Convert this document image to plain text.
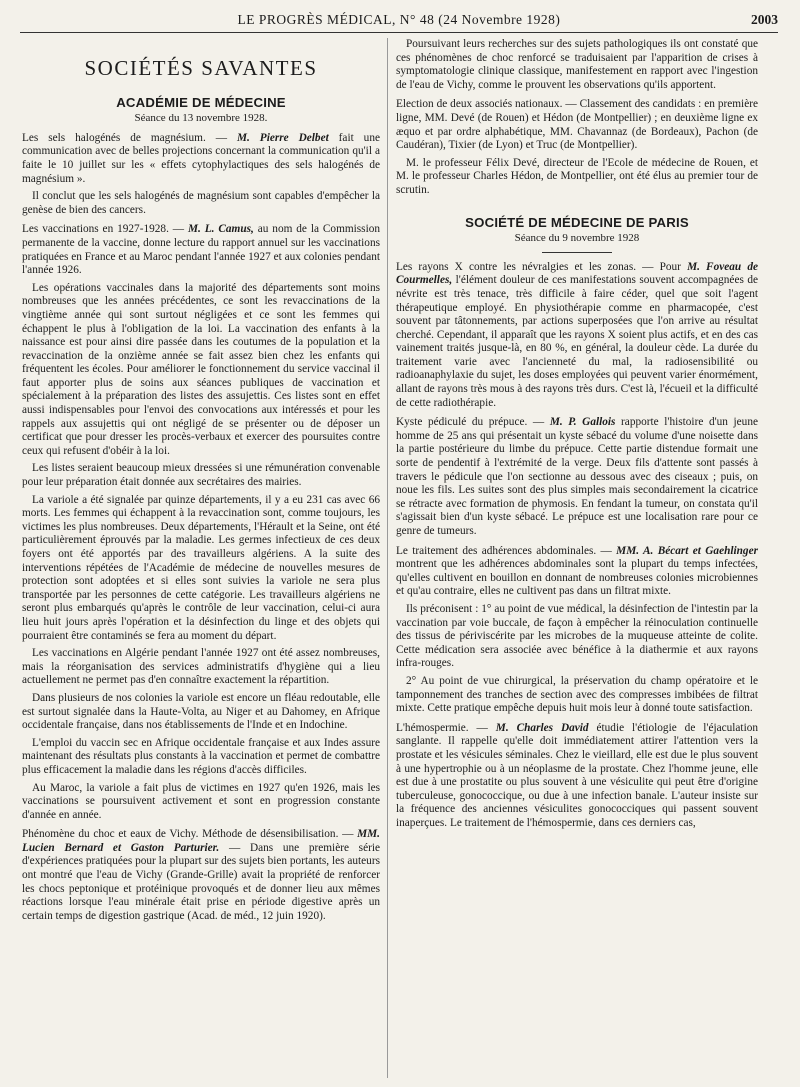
LE PROGRÈS MÉDICAL, N° 48 (24 Novembre 1928)	2003
SOCIÉTÉS SAVANTES
ACADÉMIE DE MÉDECINE
Séance du 13 novembre 1928.

Les sels halogénés de magnésium. — M. Pierre Delbet fait une communication avec de belles projections concernant la communication qu'il a faite le 10 juillet sur les « effets cytophylactiques des sels halogénés de magnésium ».

Il conclut que les sels halogénés de magnésium sont capables d'empêcher la genèse de bien des cancers.

Les vaccinations en 1927-1928. — M. L. Camus, au nom de la Commission permanente de la vaccine, donne lecture du rapport annuel sur les vaccinations pratiquées en France et au Maroc pendant l'année 1927 et aux colonies pendant l'année 1926.

Les opérations vaccinales dans la majorité des départements sont moins nombreuses que les années précédentes, ce sont les revaccinations de la vingtième année qui sont surtout négligées et ce sont les femmes qui échappent le plus à l'obligation de la loi. La vaccination des enfants à la naissance est pour ainsi dire passée dans les coutumes de la population et la revaccination de la onzième année se fait assez bien chez les enfants qui fréquentent les écoles. Pour améliorer le fonctionnement du service vaccinal il faut apporter plus de soins aux séances publiques de vaccination et spécialement à la préparation des listes des assujettis. Ces listes sont en effet aussi indispensables pour l'envoi des convocations aux intéressés et pour les rappels aux assujettis qui ont négligé de se présenter ou de déposer un certificat que pour dresser les procès-verbaux et exercer des poursuites contre ceux qui refusent d'obéir à la loi.

Les listes seraient beaucoup mieux dressées si une rémunération convenable pour leur préparation était donnée aux secrétaires des mairies.

La variole a été signalée par quinze départements, il y a eu 231 cas avec 66 morts. Les femmes qui échappent à la revaccination sont, comme toujours, les victimes les plus nombreuses. Deux départements, l'Hérault et la Seine, ont été particulièrement éprouvés par la maladie. Les germes infectieux de ces deux foyers ont été apportés par des travailleurs algériens. A la suite des interventions répétées de l'Académie de médecine de nouvelles mesures de protection sont adoptées et si elles sont suivies la variole ne sera plus transportée par les personnes de cette catégorie. Les travailleurs algériens ne seront plus embarqués qu'après le contrôle de leur vaccination, celui-ci aura lieu huit jours après l'opération et la désinfection du linge et des objets qui pourraient être contaminés se fera au moment du départ.

Les vaccinations en Algérie pendant l'année 1927 ont été assez nombreuses, mais la réorganisation des services administratifs d'hygiène qui a lieu actuellement ne permet pas d'en connaître exactement la répartition.

Dans plusieurs de nos colonies la variole est encore un fléau redoutable, elle est surtout signalée dans la Haute-Volta, au Niger et au Dahomey, en Afrique occidentale française, dans nos établissements de l'Inde et en Indochine.

L'emploi du vaccin sec en Afrique occidentale française et aux Indes assure maintenant des résultats plus constants à la vaccination et permet de combattre plus efficacement la maladie dans les régions d'accès difficiles.

Au Maroc, la variole a fait plus de victimes en 1927 qu'en 1926, mais les vaccinations se poursuivent activement et sont en progression constante d'année en année.

Phénomène du choc et eaux de Vichy. Méthode de désensibilisation. — MM. Lucien Bernard et Gaston Parturier. — Dans une première série d'expériences pratiquées pour la plupart sur des sujets bien portants, les auteurs ont montré que l'eau de Vichy (Grande-Grille) avait la propriété de renforcer les chocs peptonique et protéinique provoqués et de donner lieu aux mêmes réactions lorsque l'eau minérale était prise en période digestive après un certain temps de digestion gastrique (Acad. de méd., 12 juin 1920).

Poursuivant leurs recherches sur des sujets pathologiques ils ont constaté que ces phénomènes de choc renforcé se traduisaient par l'apparition de crises à symptomatologie clinique classique, manifestement en rapport avec l'ingestion de l'eau de Vichy, comme le prouvent les observations qu'ils apportent.

Election de deux associés nationaux. — Classement des candidats : en première ligne, MM. Devé (de Rouen) et Hédon (de Montpellier) ; en deuxième ligne ex æquo et par ordre alphabétique, MM. Chavannaz (de Bordeaux), Pachon (de Caudéran), Tixier (de Lyon) et Truc (de Montpellier).

M. le professeur Félix Devé, directeur de l'Ecole de médecine de Rouen, et M. le professeur Charles Hédon, de Montpellier, ont été élus au premier tour de scrutin.

SOCIÉTÉ DE MÉDECINE DE PARIS
Séance du 9 novembre 1928

Les rayons X contre les névralgies et les zonas. — Pour M. Foveau de Courmelles, l'élément douleur de ces manifestations souvent accompagnées de névrite est très tenace, très difficile à faire céder, quel que soit l'agent thérapeutique employé. En physiothérapie comme en pharmacopée, c'est souvent par tâtonnements, par actions superposées que l'on arrive au résultat cherché. Cependant, il apparaît que les rayons X soient plus actifs, et en des cas vainement traités jusque-là, en 80 %, en général, la douleur cède. La durée du traitement varie avec l'ancienneté du mal, la radiosensibilité ou radioanaphylaxie du sujet, les doses employées qui peuvent varier énormément, allant de rayons très mous à des rayons très durs. C'est là, l'écueil et la difficulté de cette radiothérapie.

Kyste pédiculé du prépuce. — M. P. Gallois rapporte l'histoire d'un jeune homme de 25 ans qui présentait un kyste sébacé du volume d'une noisette dans la partie postérieure du limbe du prépuce. Cette partie distendue formait une sorte de pendentif à l'extrémité de la verge. Deux fils d'attente sont passés à travers le pédicule que l'on sectionne au dessous avec des ciseaux ; puis, on noue les fils. Les suites sont des plus simples mais secondairement la cicatrice se rétracte avec formation de phymosis. En fendant la tumeur, on constata qu'il s'agissait bien d'un kyste sébacé. Le prépuce est une localisation rare pour ce genre de tumeurs.

Le traitement des adhérences abdominales. — MM. A. Bécart et Gaehlinger montrent que les adhérences abdominales sont la plupart du temps infectées, qu'elles cultivent en bouillon en donnant de nombreuses colonies microbiennes et qu'au contraire, elles ne cultivent pas dans un filtrat mixte.

Ils préconisent : 1° au point de vue médical, la désinfection de l'intestin par la vaccination par voie buccale, de façon à empêcher la réinoculation continuelle des tissus de périviscérite par les microbes de la muqueuse atteinte de colite. Cette médication sera associée avec bénéfice à la diathermie et aux rayons infra-rouges.

2° Au point de vue chirurgical, la préservation du champ opératoire et le tamponnement des tranches de section avec des compresses imbibées de filtrat mixte. Cette pratique empêche depuis huit mois leur à donné toute satisfaction.

L'hémospermie. — M. Charles David étudie l'étiologie de l'éjaculation sanglante. Il rappelle qu'elle doit immédiatement attirer l'attention vers la prostate et les vésicules séminales. Chez le vieillard, elle est due le plus souvent à une hypertrophie ou à un néoplasme de la prostate. Chez l'homme jeune, elle est due à une prostatite ou plus souvent à une vésiculite qui peut être d'origine tuberculeuse, gonococcique, ou due à une infection banale. L'auteur insiste sur la fréquence des anciennes vésiculites gonococciques qui passent souvent inaperçues. Le traitement de l'hémospermie, dans ces derniers cas,
